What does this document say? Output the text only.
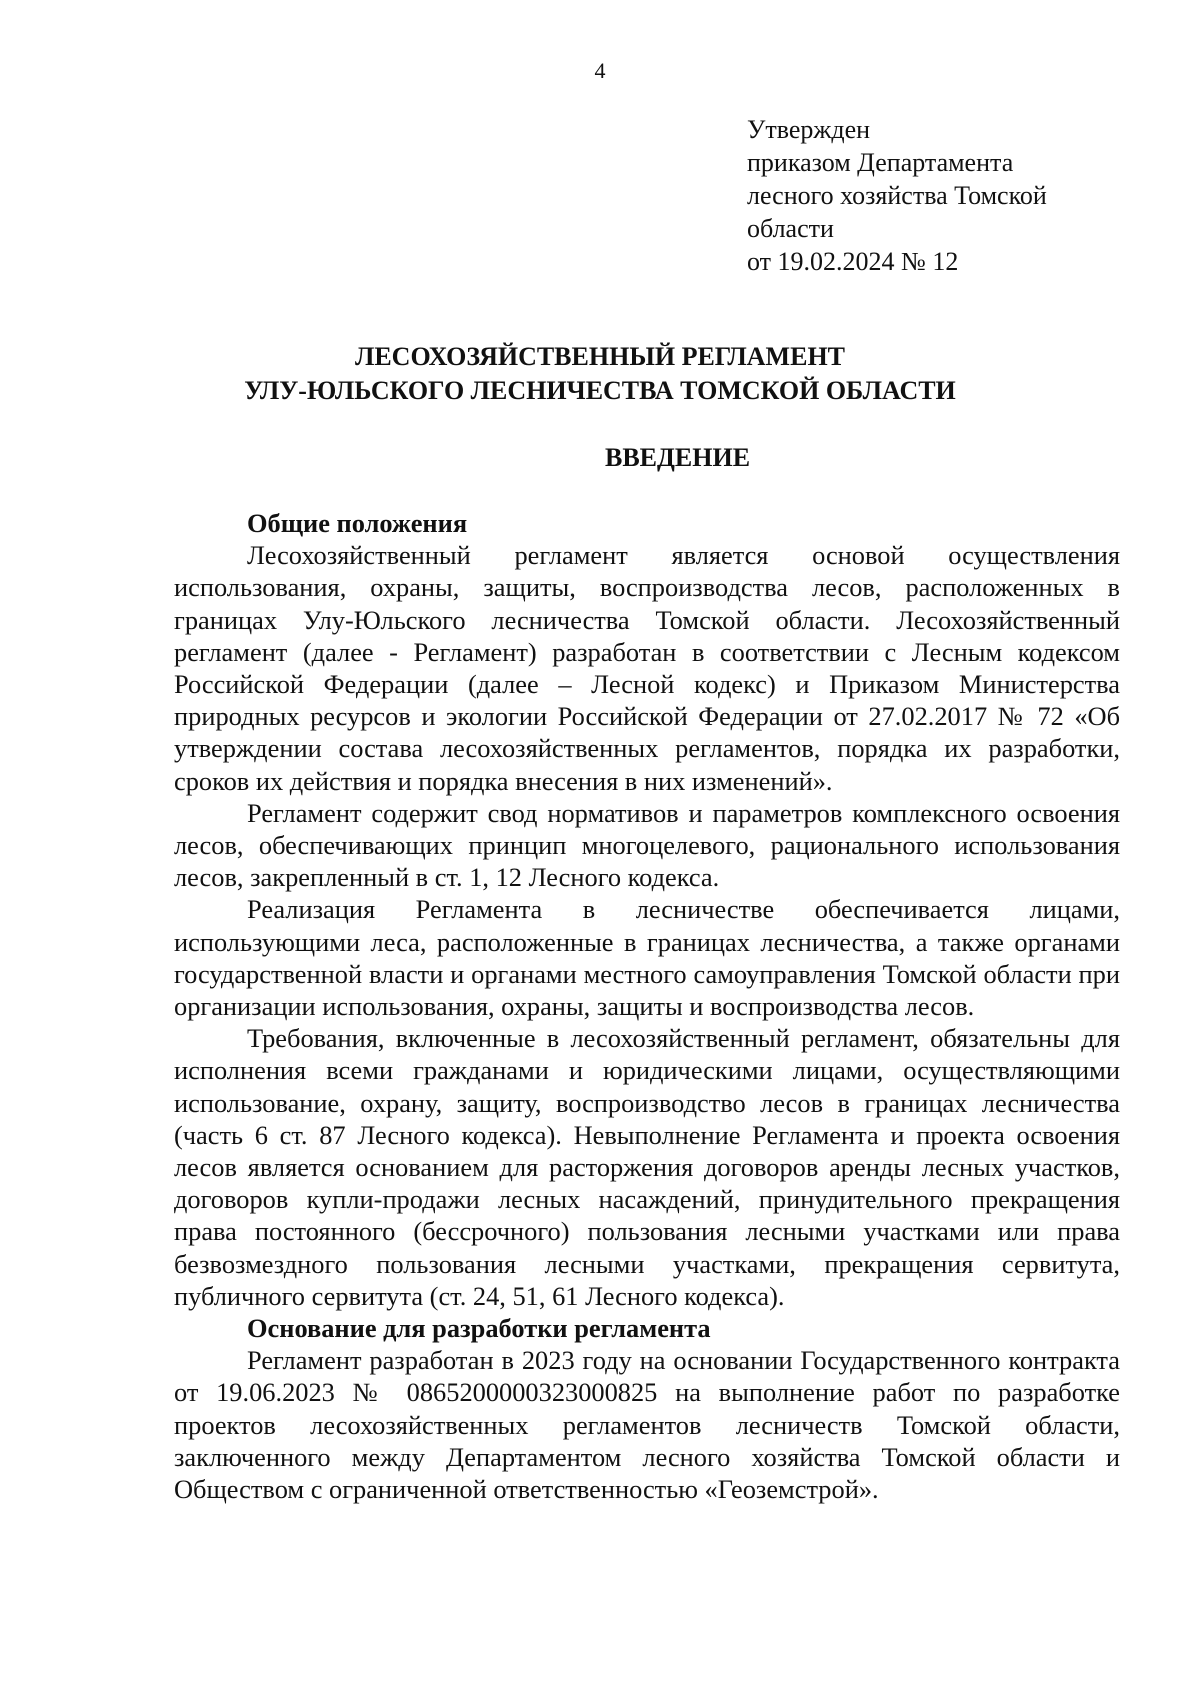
4
Утвержден
приказом Департамента
лесного хозяйства Томской
области
от 19.02.2024 № 12
ЛЕСОХОЗЯЙСТВЕННЫЙ РЕГЛАМЕНТ
УЛУ-ЮЛЬСКОГО ЛЕСНИЧЕСТВА ТОМСКОЙ ОБЛАСТИ
ВВЕДЕНИЕ
Общие положения

Лесохозяйственный регламент является основой осуществления использования, охраны, защиты, воспроизводства лесов, расположенных в границах Улу-Юльского лесничества Томской области. Лесохозяйственный регламент (далее - Регламент) разработан в соответствии с Лесным кодексом Российской Федерации (далее – Лесной кодекс) и Приказом Министерства природных ресурсов и экологии Российской Федерации от 27.02.2017 № 72 «Об утверждении состава лесохозяйственных регламентов, порядка их разработки, сроков их действия и порядка внесения в них изменений».

Регламент содержит свод нормативов и параметров комплексного освоения лесов, обеспечивающих принцип многоцелевого, рационального использования лесов, закрепленный в ст. 1, 12 Лесного кодекса.

Реализация Регламента в лесничестве обеспечивается лицами, использующими леса, расположенные в границах лесничества, а также органами государственной власти и органами местного самоуправления Томской области при организации использования, охраны, защиты и воспроизводства лесов.

Требования, включенные в лесохозяйственный регламент, обязательны для исполнения всеми гражданами и юридическими лицами, осуществляющими использование, охрану, защиту, воспроизводство лесов в границах лесничества (часть 6 ст. 87 Лесного кодекса). Невыполнение Регламента и проекта освоения лесов является основанием для расторжения договоров аренды лесных участков, договоров купли-продажи лесных насаждений, принудительного прекращения права постоянного (бессрочного) пользования лесными участками или права безвозмездного пользования лесными участками, прекращения сервитута, публичного сервитута (ст. 24, 51, 61 Лесного кодекса).

Основание для разработки регламента

Регламент разработан в 2023 году на основании Государственного контракта от 19.06.2023 № 0865200000323000825 на выполнение работ по разработке проектов лесохозяйственных регламентов лесничеств Томской области, заключенного между Департаментом лесного хозяйства Томской области и Обществом с ограниченной ответственностью «Геоземстрой».
